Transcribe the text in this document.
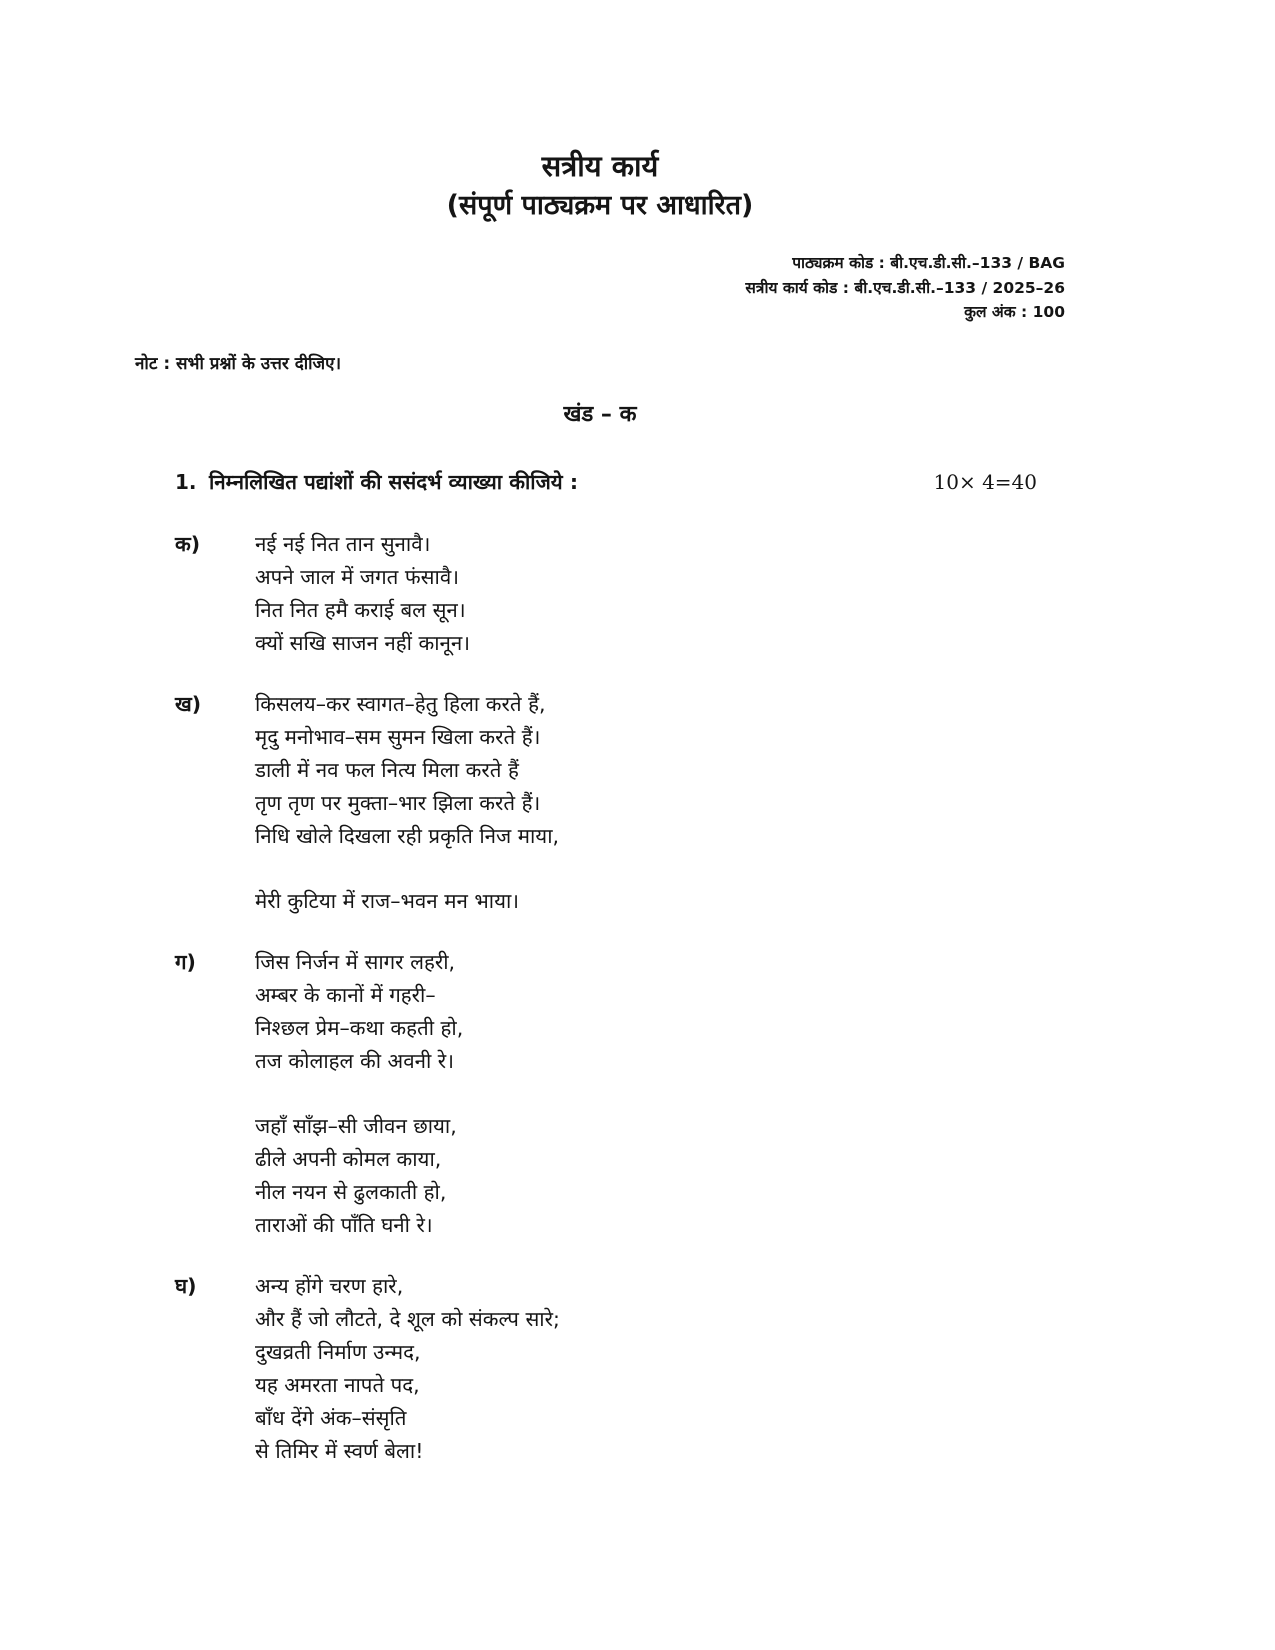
सत्रीय कार्य
(संपूर्ण पाठ्यक्रम पर आधारित)
पाठ्यक्रम कोड : बी.एच.डी.सी.–133 / BAG
सत्रीय कार्य कोड : बी.एच.डी.सी.–133 / 2025–26
कुल अंक : 100
नोट : सभी प्रश्नों के उत्तर दीजिए।
खंड – क
1. निम्नलिखित पद्यांशों की ससंदर्भ व्याख्या कीजिये :	10× 4=40
क)	नई नई नित तान सुनावै।
अपने जाल में जगत फंसावै।
नित नित हमै कराई बल सून।
क्यों सखि साजन नहीं कानून।
ख)	किसलय–कर स्वागत–हेतु हिला करते हैं,
मृदु मनोभाव–सम सुमन खिला करते हैं।
डाली में नव फल नित्य मिला करते हैं
तृण तृण पर मुक्ता–भार झिला करते हैं।
निधि खोले दिखला रही प्रकृति निज माया,
मेरी कुटिया में राज–भवन मन भाया।
ग)	जिस निर्जन में सागर लहरी,
अम्बर के कानों में गहरी–
निश्छल प्रेम–कथा कहती हो,
तज कोलाहल की अवनी रे।
जहाँ साँझ–सी जीवन छाया,
ढीले अपनी कोमल काया,
नील नयन से ढुलकाती हो,
ताराओं की पाँति घनी रे।
घ)	अन्य होंगे चरण हारे,
और हैं जो लौटते, दे शूल को संकल्प सारे;
दुखव्रती निर्माण उन्मद,
यह अमरता नापते पद,
बाँध देंगे अंक–संसृति
से तिमिर में स्वर्ण बेला!
